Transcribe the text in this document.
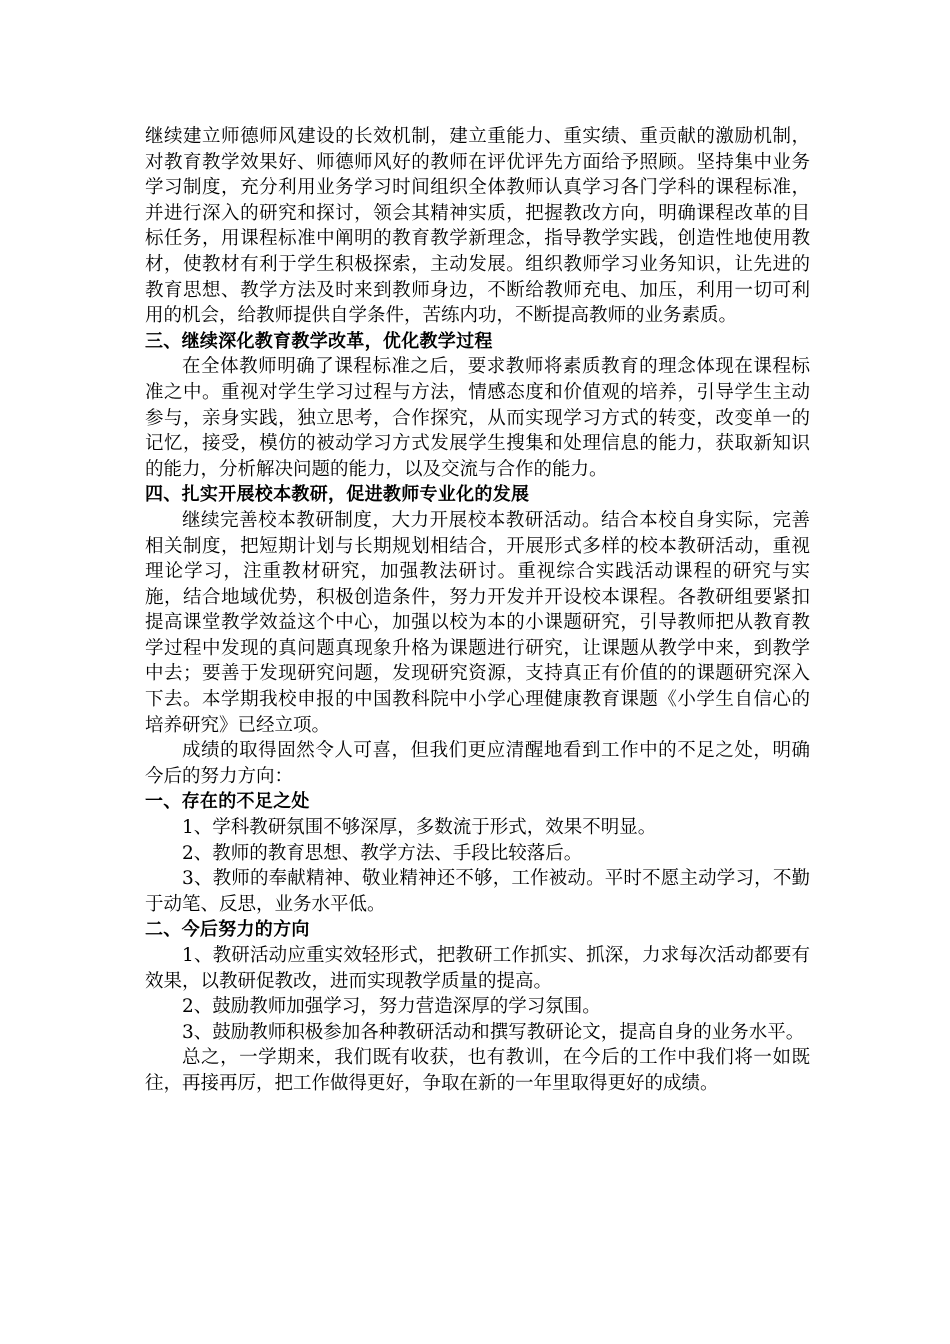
继续建立师德师风建设的长效机制，建立重能力、重实绩、重贡献的激励机制，对教育教学效果好、师德师风好的教师在评优评先方面给予照顾。坚持集中业务学习制度，充分利用业务学习时间组织全体教师认真学习各门学科的课程标准，并进行深入的研究和探讨，领会其精神实质，把握教改方向，明确课程改革的目标任务，用课程标准中阐明的教育教学新理念，指导教学实践，创造性地使用教材，使教材有利于学生积极探索，主动发展。组织教师学习业务知识，让先进的教育思想、教学方法及时来到教师身边，不断给教师充电、加压，利用一切可利用的机会，给教师提供自学条件，苦练内功，不断提高教师的业务素质。

三、继续深化教育教学改革，优化教学过程

在全体教师明确了课程标准之后，要求教师将素质教育的理念体现在课程标准之中。重视对学生学习过程与方法，情感态度和价值观的培养，引导学生主动参与，亲身实践，独立思考，合作探究，从而实现学习方式的转变，改变单一的记忆，接受，模仿的被动学习方式发展学生搜集和处理信息的能力，获取新知识的能力，分析解决问题的能力，以及交流与合作的能力。

四、扎实开展校本教研，促进教师专业化的发展

继续完善校本教研制度，大力开展校本教研活动。结合本校自身实际，完善相关制度，把短期计划与长期规划相结合，开展形式多样的校本教研活动，重视理论学习，注重教材研究，加强教法研讨。重视综合实践活动课程的研究与实施，结合地域优势，积极创造条件，努力开发并开设校本课程。各教研组要紧扣提高课堂教学效益这个中心，加强以校为本的小课题研究，引导教师把从教育教学过程中发现的真问题真现象升格为课题进行研究，让课题从教学中来，到教学中去；要善于发现研究问题，发现研究资源，支持真正有价值的的课题研究深入下去。本学期我校申报的中国教科院中小学心理健康教育课题《小学生自信心的培养研究》已经立项。

成绩的取得固然令人可喜，但我们更应清醒地看到工作中的不足之处，明确今后的努力方向：

一、存在的不足之处

1、学科教研氛围不够深厚，多数流于形式，效果不明显。

2、教师的教育思想、教学方法、手段比较落后。

3、教师的奉献精神、敬业精神还不够，工作被动。平时不愿主动学习，不勤于动笔、反思，业务水平低。

二、今后努力的方向

1、教研活动应重实效轻形式，把教研工作抓实、抓深，力求每次活动都要有效果，以教研促教改，进而实现教学质量的提高。

2、鼓励教师加强学习，努力营造深厚的学习氛围。

3、鼓励教师积极参加各种教研活动和撰写教研论文，提高自身的业务水平。

总之，一学期来，我们既有收获，也有教训，在今后的工作中我们将一如既往，再接再厉，把工作做得更好，争取在新的一年里取得更好的成绩。
